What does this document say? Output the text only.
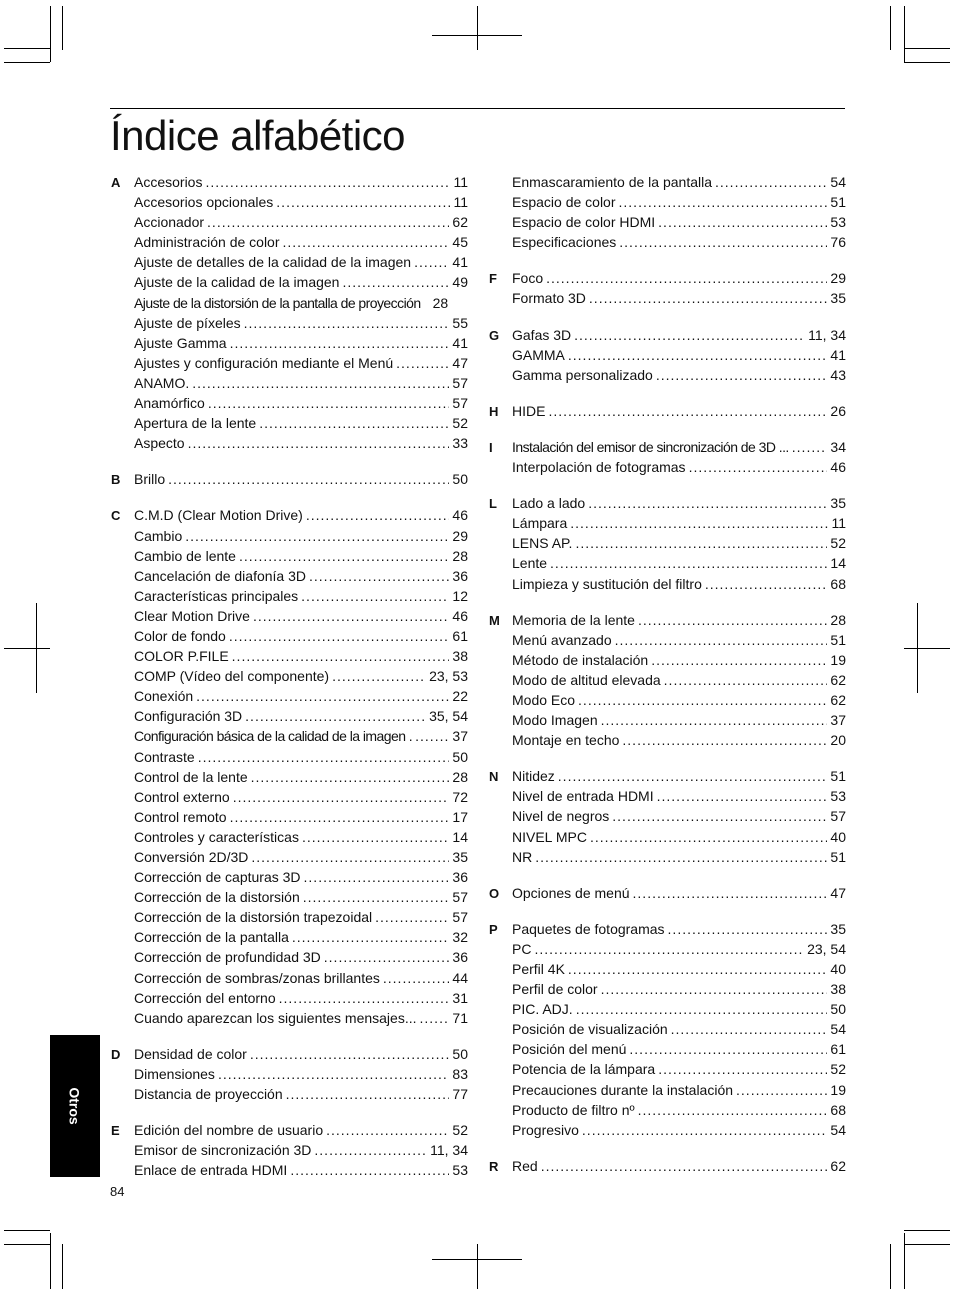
Índice alfabético
A Accesorios .....	11
Accesorios opcionales .....	11
Accionador .....	62
Administración de color .....	45
Ajuste de detalles de la calidad de la imagen .....	41
Ajuste de la calidad de la imagen .....	49
Ajuste de la distorsión de la pantalla de proyección 28
Ajuste de píxeles .....	55
Ajuste Gamma .....	41
Ajustes y configuración mediante el Menú .....	47
ANAMO. .....	57
Anamórfico .....	57
Apertura de la lente .....	52
Aspecto .....	33
B Brillo .....	50
C C.M.D (Clear Motion Drive) .....	46
Cambio .....	29
Cambio de lente .....	28
Cancelación de diafonía 3D .....	36
Características principales .....	12
Clear Motion Drive .....	46
Color de fondo .....	61
COLOR P.FILE .....	38
COMP (Vídeo del componente) .....	23, 53
Conexión .....	22
Configuración 3D .....	35, 54
Configuración básica de la calidad de la imagen . .....	37
Contraste .....	50
Control de la lente .....	28
Control externo .....	72
Control remoto .....	17
Controles y características .....	14
Conversión 2D/3D .....	35
Corrección de capturas 3D .....	36
Corrección de la distorsión .....	57
Corrección de la distorsión trapezoidal .....	57
Corrección de la pantalla .....	32
Corrección de profundidad 3D .....	36
Corrección de sombras/zonas brillantes .....	44
Corrección del entorno .....	31
Cuando aparezcan los siguientes mensajes... .....	71
D Densidad de color .....	50
Dimensiones .....	83
Distancia de proyección .....	77
E Edición del nombre de usuario .....	52
Emisor de sincronización 3D .....	11, 34
Enlace de entrada HDMI .....	53
Enmascaramiento de la pantalla .....	54
Espacio de color .....	51
Espacio de color HDMI .....	53
Especificaciones .....	76
F Foco .....	29
Formato 3D .....	35
G Gafas 3D .....	11, 34
GAMMA .....	41
Gamma personalizado .....	43
H HIDE .....	26
I Instalación del emisor de sincronización de 3D ... .....	34
Interpolación de fotogramas .....	46
L Lado a lado .....	35
Lámpara .....	11
LENS AP. .....	52
Lente .....	14
Limpieza y sustitución del filtro .....	68
M Memoria de la lente .....	28
Menú avanzado .....	51
Método de instalación .....	19
Modo de altitud elevada .....	62
Modo Eco .....	62
Modo Imagen .....	37
Montaje en techo .....	20
N Nitidez .....	51
Nivel de entrada HDMI .....	53
Nivel de negros .....	57
NIVEL MPC .....	40
NR .....	51
O Opciones de menú .....	47
P Paquetes de fotogramas .....	35
PC .....	23, 54
Perfil 4K .....	40
Perfil de color .....	38
PIC. ADJ. .....	50
Posición de visualización .....	54
Posición del menú .....	61
Potencia de la lámpara .....	52
Precauciones durante la instalación .....	19
Producto de filtro nº .....	68
Progresivo .....	54
R Red .....	62
Otros
84
